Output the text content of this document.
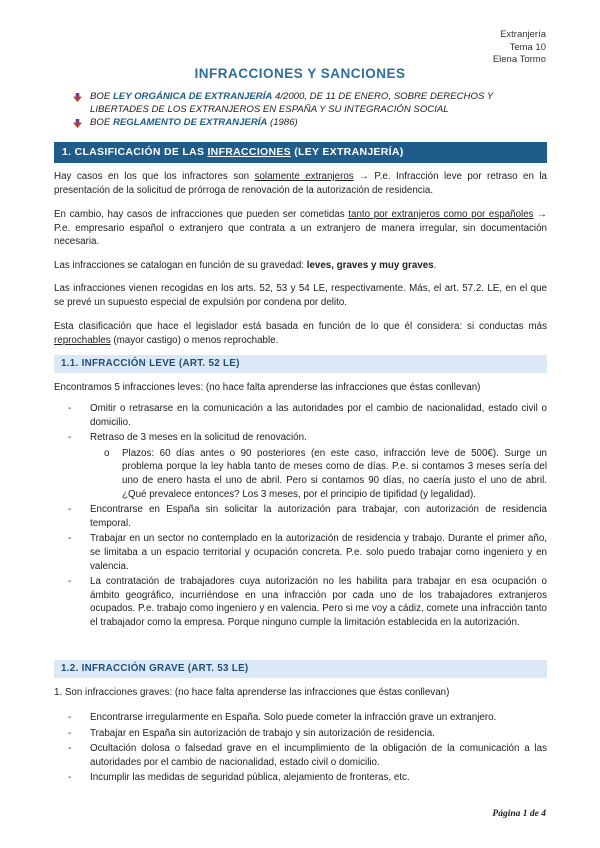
Extranjería
Tema 10
Elena Tormo
INFRACCIONES Y SANCIONES
BOE LEY ORGÁNICA DE EXTRANJERÍA 4/2000, DE 11 DE ENERO, SOBRE DERECHOS Y LIBERTADES DE LOS EXTRANJEROS EN ESPAÑA Y SU INTEGRACIÓN SOCIAL
BOE REGLAMENTO DE EXTRANJERÍA (1986)
1. CLASIFICACIÓN DE LAS INFRACCIONES (LEY EXTRANJERÍA)

Hay casos en los que los infractores son solamente extranjeros → P.e. Infracción leve por retraso en la presentación de la solicitud de prórroga de renovación de la autorización de residencia.

En cambio, hay casos de infracciones que pueden ser cometidas tanto por extranjeros como por españoles → P.e. empresario español o extranjero que contrata a un extranjero de manera irregular, sin documentación necesaria.

Las infracciones se catalogan en función de su gravedad: leves, graves y muy graves.

Las infracciones vienen recogidas en los arts. 52, 53 y 54 LE, respectivamente. Más, el art. 57.2. LE, en el que se prevé un supuesto especial de expulsión por condena por delito.

Esta clasificación que hace el legislador está basada en función de lo que él considera: si conductas más reprochables (mayor castigo) o menos reprochable.

1.1. INFRACCIÓN LEVE (ART. 52 LE)

Encontramos 5 infracciones leves: (no hace falta aprenderse las infracciones que éstas conllevan)

- Omitir o retrasarse en la comunicación a las autoridades por el cambio de nacionalidad, estado civil o domicilio.
- Retraso de 3 meses en la solicitud de renovación.
o Plazos: 60 días antes o 90 posteriores (en este caso, infracción leve de 500€). Surge un problema porque la ley habla tanto de meses como de días. P.e. si contamos 3 meses sería del uno de enero hasta el uno de abril. Pero si contamos 90 días, no caería justo el uno de abril. ¿Qué prevalece entonces? Los 3 meses, por el principio de tipifidad (y legalidad).
- Encontrarse en España sin solicitar la autorización para trabajar, con autorización de residencia temporal.
- Trabajar en un sector no contemplado en la autorización de residencia y trabajo. Durante el primer año, se limitaba a un espacio territorial y ocupación concreta. P.e. solo puedo trabajar como ingeniero y en valencia.
- La contratación de trabajadores cuya autorización no les habilita para trabajar en esa ocupación o ámbito geográfico, incurriéndose en una infracción por cada uno de los trabajadores extranjeros ocupados. P.e. trabajo como ingeniero y en valencia. Pero si me voy a cádiz, comete una infracción tanto el trabajador como la empresa. Porque ninguno cumple la limitación establecida en la autorización.
1.2. INFRACCIÓN GRAVE (ART. 53 LE)

1. Son infracciones graves: (no hace falta aprenderse las infracciones que éstas conllevan)

- Encontrarse irregularmente en España. Solo puede cometer la infracción grave un extranjero.
- Trabajar en España sin autorización de trabajo y sin autorización de residencia.
- Ocultación dolosa o falsedad grave en el incumplimiento de la obligación de la comunicación a las autoridades por el cambio de nacionalidad, estado civil o domicilio.
- Incumplir las medidas de seguridad pública, alejamiento de fronteras, etc.
Página 1 de 4
